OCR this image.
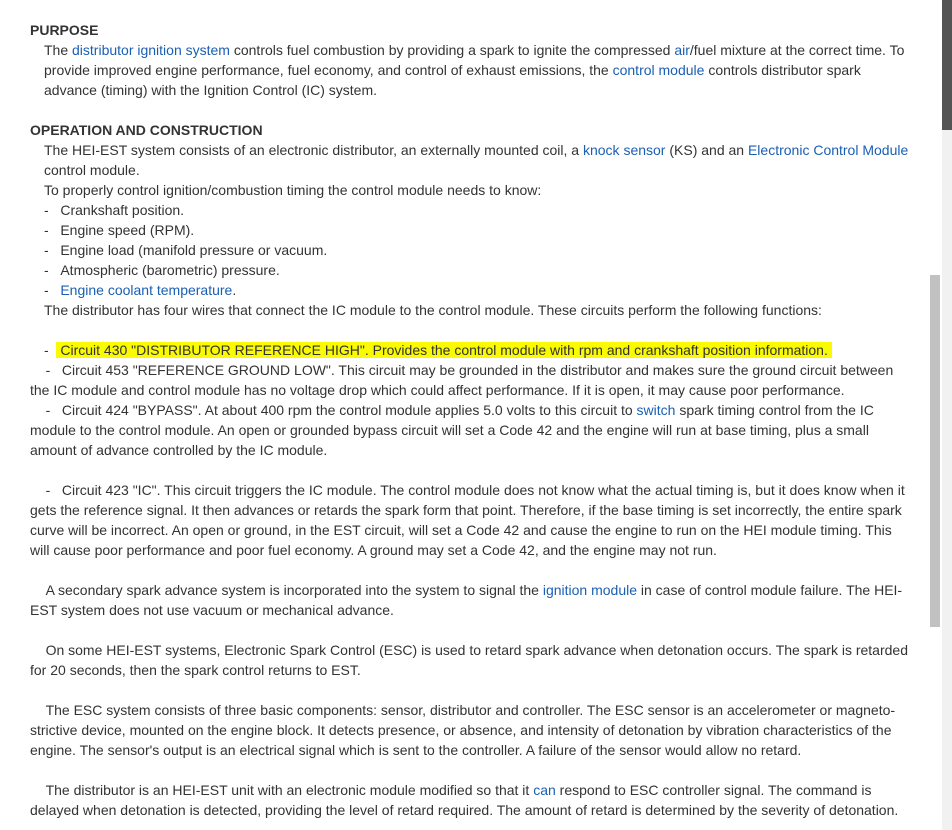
PURPOSE
The distributor ignition system controls fuel combustion by providing a spark to ignite the compressed air/fuel mixture at the correct time. To provide improved engine performance, fuel economy, and control of exhaust emissions, the control module controls distributor spark advance (timing) with the Ignition Control (IC) system.
OPERATION AND CONSTRUCTION
The HEI-EST system consists of an electronic distributor, an externally mounted coil, a knock sensor (KS) and an Electronic Control Module control module.
To properly control ignition/combustion timing the control module needs to know:
- Crankshaft position.
- Engine speed (RPM).
- Engine load (manifold pressure or vacuum.
- Atmospheric (barometric) pressure.
- Engine coolant temperature.
The distributor has four wires that connect the IC module to the control module. These circuits perform the following functions:
- Circuit 430 "DISTRIBUTOR REFERENCE HIGH". Provides the control module with rpm and crankshaft position information.
- Circuit 453 "REFERENCE GROUND LOW". This circuit may be grounded in the distributor and makes sure the ground circuit between the IC module and control module has no voltage drop which could affect performance. If it is open, it may cause poor performance.
- Circuit 424 "BYPASS". At about 400 rpm the control module applies 5.0 volts to this circuit to switch spark timing control from the IC module to the control module. An open or grounded bypass circuit will set a Code 42 and the engine will run at base timing, plus a small amount of advance controlled by the IC module.
- Circuit 423 "IC". This circuit triggers the IC module. The control module does not know what the actual timing is, but it does know when it gets the reference signal. It then advances or retards the spark form that point. Therefore, if the base timing is set incorrectly, the entire spark curve will be incorrect. An open or ground, in the EST circuit, will set a Code 42 and cause the engine to run on the HEI module timing. This will cause poor performance and poor fuel economy. A ground may set a Code 42, and the engine may not run.
A secondary spark advance system is incorporated into the system to signal the ignition module in case of control module failure. The HEI-EST system does not use vacuum or mechanical advance.
On some HEI-EST systems, Electronic Spark Control (ESC) is used to retard spark advance when detonation occurs. The spark is retarded for 20 seconds, then the spark control returns to EST.
The ESC system consists of three basic components: sensor, distributor and controller. The ESC sensor is an accelerometer or magneto-strictive device, mounted on the engine block. It detects presence, or absence, and intensity of detonation by vibration characteristics of the engine. The sensor's output is an electrical signal which is sent to the controller. A failure of the sensor would allow no retard.
The distributor is an HEI-EST unit with an electronic module modified so that it can respond to ESC controller signal. The command is delayed when detonation is detected, providing the level of retard required. The amount of retard is determined by the severity of detonation.
